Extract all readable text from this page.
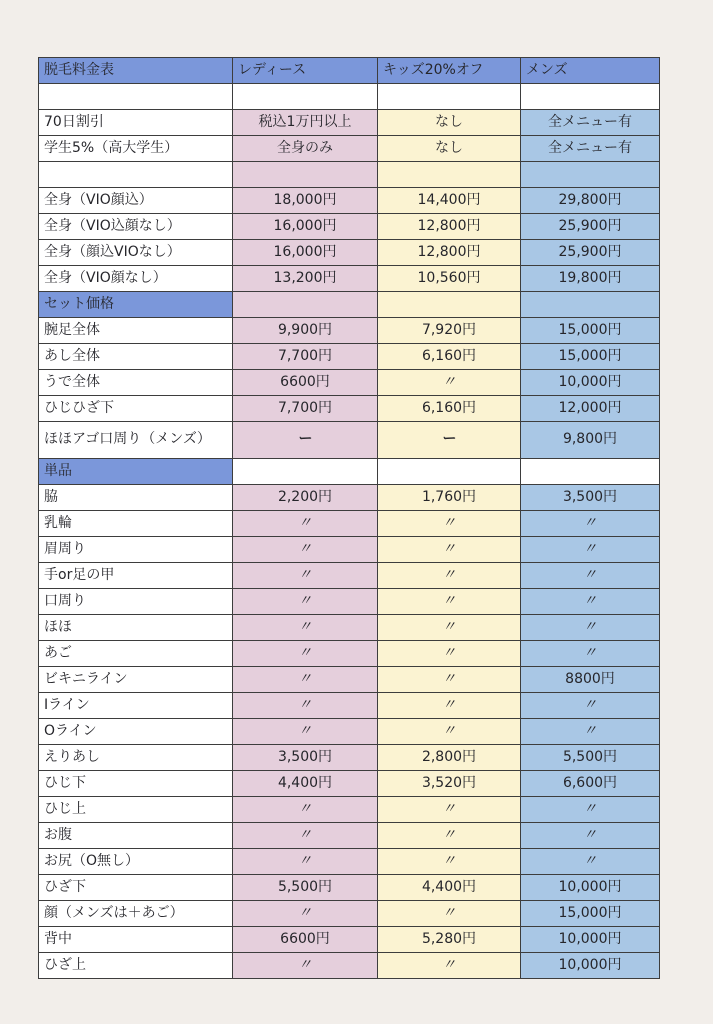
脱毛料金表	レディース	キッズ20%オフ	メンズ

70日割引	税込1万円以上	なし	全メニュー有
学生5%（高大学生）	全身のみ	なし	全メニュー有

全身（VIO顔込）	18,000円	14,400円	29,800円
全身（VIO込顔なし）	16,000円	12,800円	25,900円
全身（顔込VIOなし）	16,000円	12,800円	25,900円
全身（VIO顔なし）	13,200円	10,560円	19,800円
セット価格			
腕足全体	9,900円	7,920円	15,000円
あし全体	7,700円	6,160円	15,000円
うで全体	6600円	〃	10,000円
ひじひざ下	7,700円	6,160円	12,000円
ほほアゴ口周り（メンズ）	ー	ー	9,800円
単品			
脇	2,200円	1,760円	3,500円
乳輪	〃	〃	〃
眉周り	〃	〃	〃
手or足の甲	〃	〃	〃
口周り	〃	〃	〃
ほほ	〃	〃	〃
あご	〃	〃	〃
ビキニライン	〃	〃	8800円
Iライン	〃	〃	〃
Oライン	〃	〃	〃
えりあし	3,500円	2,800円	5,500円
ひじ下	4,400円	3,520円	6,600円
ひじ上	〃	〃	〃
お腹	〃	〃	〃
お尻（O無し）	〃	〃	〃
ひざ下	5,500円	4,400円	10,000円
顔（メンズは＋あご）	〃	〃	15,000円
背中	6600円	5,280円	10,000円
ひざ上	〃	〃	10,000円
